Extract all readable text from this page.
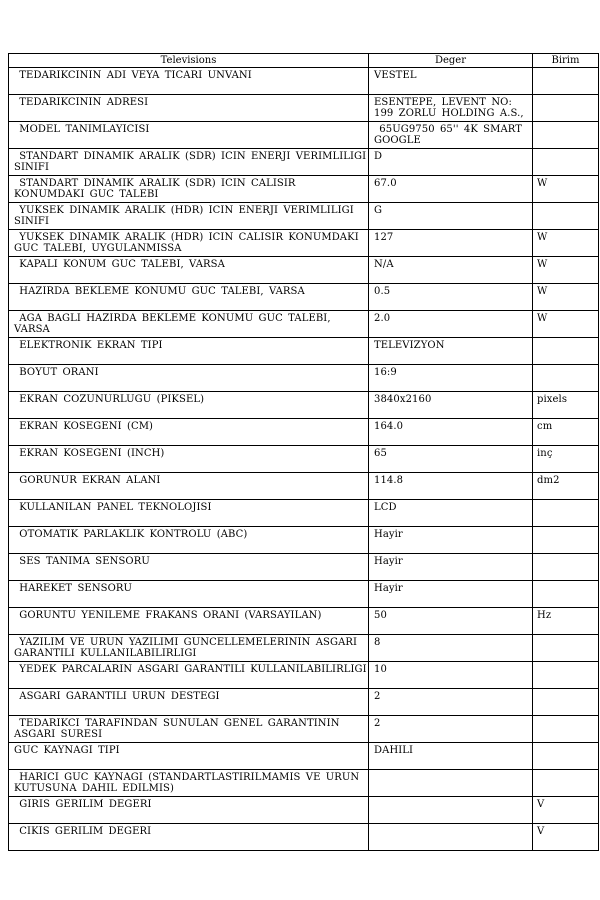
Televisions	Deger	Birim

TEDARIKCININ ADI VEYA TICARI UNVANI	VESTEL	

TEDARIKCININ ADRESI	ESENTEPE, LEVENT NO: 199 ZORLU HOLDING A.S.,	

MODEL TANIMLAYICISI	65UG9750 65'' 4K SMART GOOGLE	

STANDART DINAMIK ARALIK (SDR) ICIN ENERJI VERIMLILIGI SINIFI	D	

STANDART DINAMIK ARALIK (SDR) ICIN CALISIR KONUMDAKI GUC TALEBI	67.0	W

YUKSEK DINAMIK ARALIK (HDR) ICIN ENERJI VERIMLILIGI SINIFI	G	

YUKSEK DINAMIK ARALIK (HDR) ICIN CALISIR KONUMDAKI GUC TALEBI, UYGULANMISSA	127	W

KAPALI KONUM GUC TALEBI, VARSA	N/A	W

HAZIRDA BEKLEME KONUMU GUC TALEBI, VARSA	0.5	W

AGA BAGLI HAZIRDA BEKLEME KONUMU GUC TALEBI, VARSA	2.0	W

ELEKTRONIK EKRAN TIPI	TELEVIZYON	

BOYUT ORANI	16:9	

EKRAN COZUNURLUGU (PIKSEL)	3840x2160	pixels

EKRAN KOSEGENI (CM)	164.0	cm

EKRAN KOSEGENI (INCH)	65	inç

GORUNUR EKRAN ALANI	114.8	dm2

KULLANILAN PANEL TEKNOLOJISI	LCD	

OTOMATIK PARLAKLIK KONTROLU (ABC)	Hayir	

SES TANIMA SENSORU	Hayir	

HAREKET SENSORU	Hayir	

GORUNTU YENILEME FRAKANS ORANI (VARSAYILAN)	50	Hz

YAZILIM VE URUN YAZILIMI GUNCELLEMELERININ ASGARI GARANTILI KULLANILABILIRLIGI	8	

YEDEK PARCALARIN ASGARI GARANTILI KULLANILABILIRLIGI	10	

ASGARI GARANTILI URUN DESTEGI	2	

TEDARIKCI TARAFINDAN SUNULAN GENEL GARANTININ ASGARI SURESI	2	

GUC KAYNAGI TIPI	DAHILI	

HARICI GUC KAYNAGI (STANDARTLASTIRILMAMIS VE URUN KUTUSUNA DAHIL EDILMIS)		

GIRIS GERILIM DEGERI		V

CIKIS GERILIM DEGERI		V
